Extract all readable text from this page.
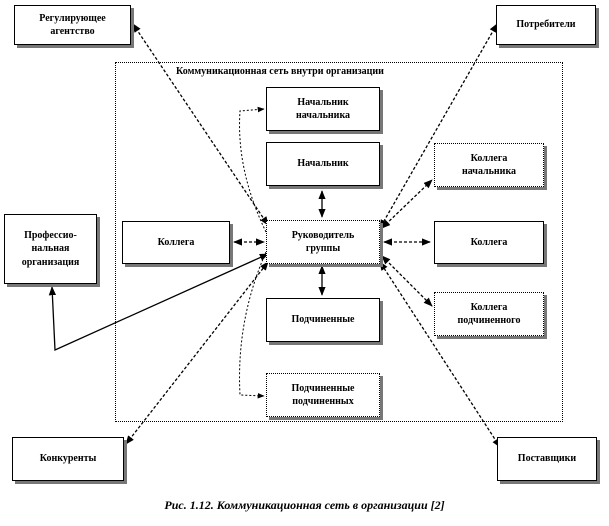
Коммуникационная сеть внутри организации
Регулирующее
агентство
Потребители
Профессио-
нальная
организация
Конкуренты	Поставщики
Начальник
начальника
Начальник
Руководитель
группы
Коллега	Коллега
Коллега
начальника
Коллега
подчиненного
Подчиненные
Подчиненные
подчиненных
Рис. 1.12. Коммуникационная сеть в организации [2]
